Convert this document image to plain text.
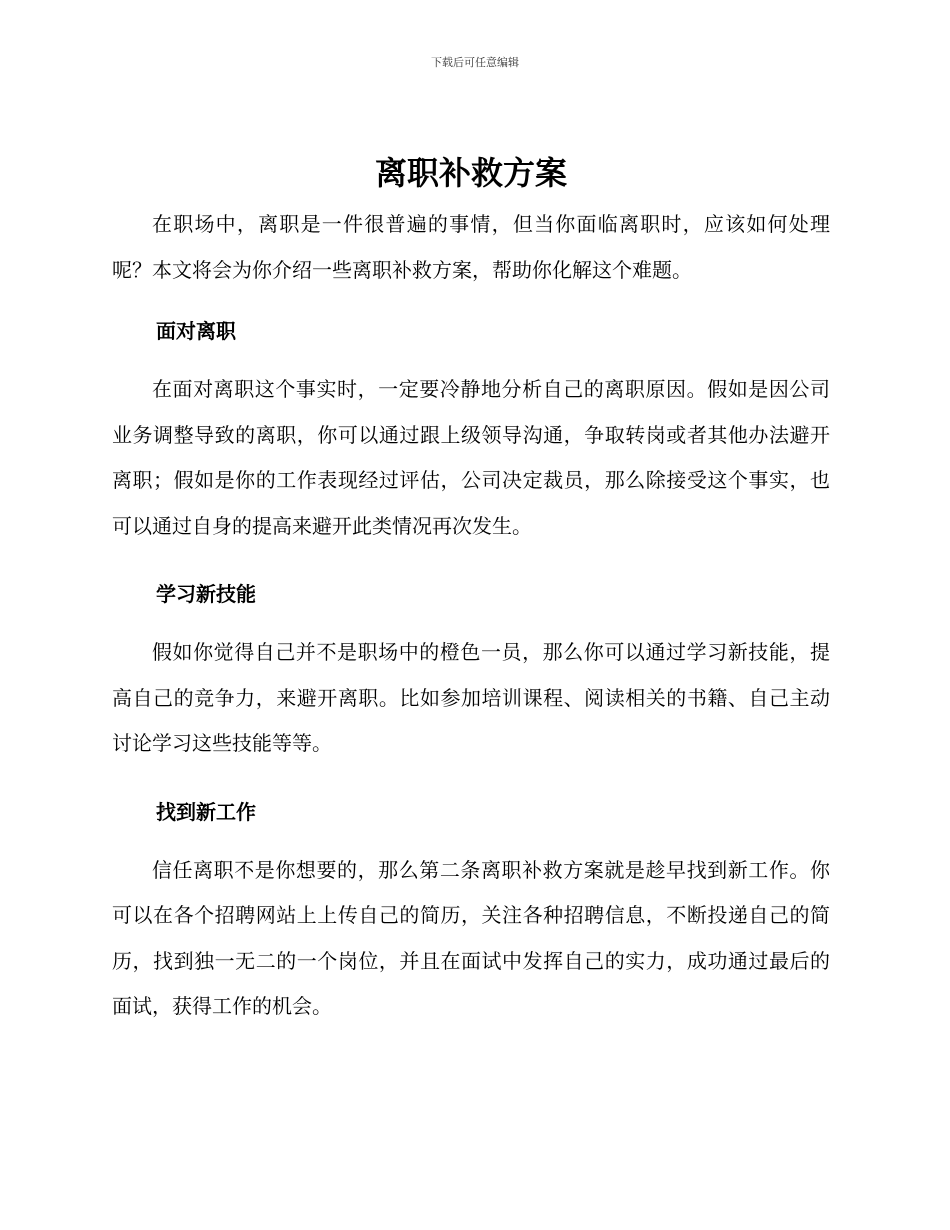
下载后可任意编辑
离职补救方案

在职场中，离职是一件很普遍的事情，但当你面临离职时，应该如何处理呢？本文将会为你介绍一些离职补救方案，帮助你化解这个难题。

面对离职

在面对离职这个事实时，一定要冷静地分析自己的离职原因。假如是因公司业务调整导致的离职，你可以通过跟上级领导沟通，争取转岗或者其他办法避开离职；假如是你的工作表现经过评估，公司决定裁员，那么除接受这个事实，也可以通过自身的提高来避开此类情况再次发生。

学习新技能

假如你觉得自己并不是职场中的橙色一员，那么你可以通过学习新技能，提高自己的竞争力，来避开离职。比如参加培训课程、阅读相关的书籍、自己主动讨论学习这些技能等等。

找到新工作

信任离职不是你想要的，那么第二条离职补救方案就是趁早找到新工作。你可以在各个招聘网站上上传自己的简历，关注各种招聘信息，不断投递自己的简历，找到独一无二的一个岗位，并且在面试中发挥自己的实力，成功通过最后的面试，获得工作的机会。
